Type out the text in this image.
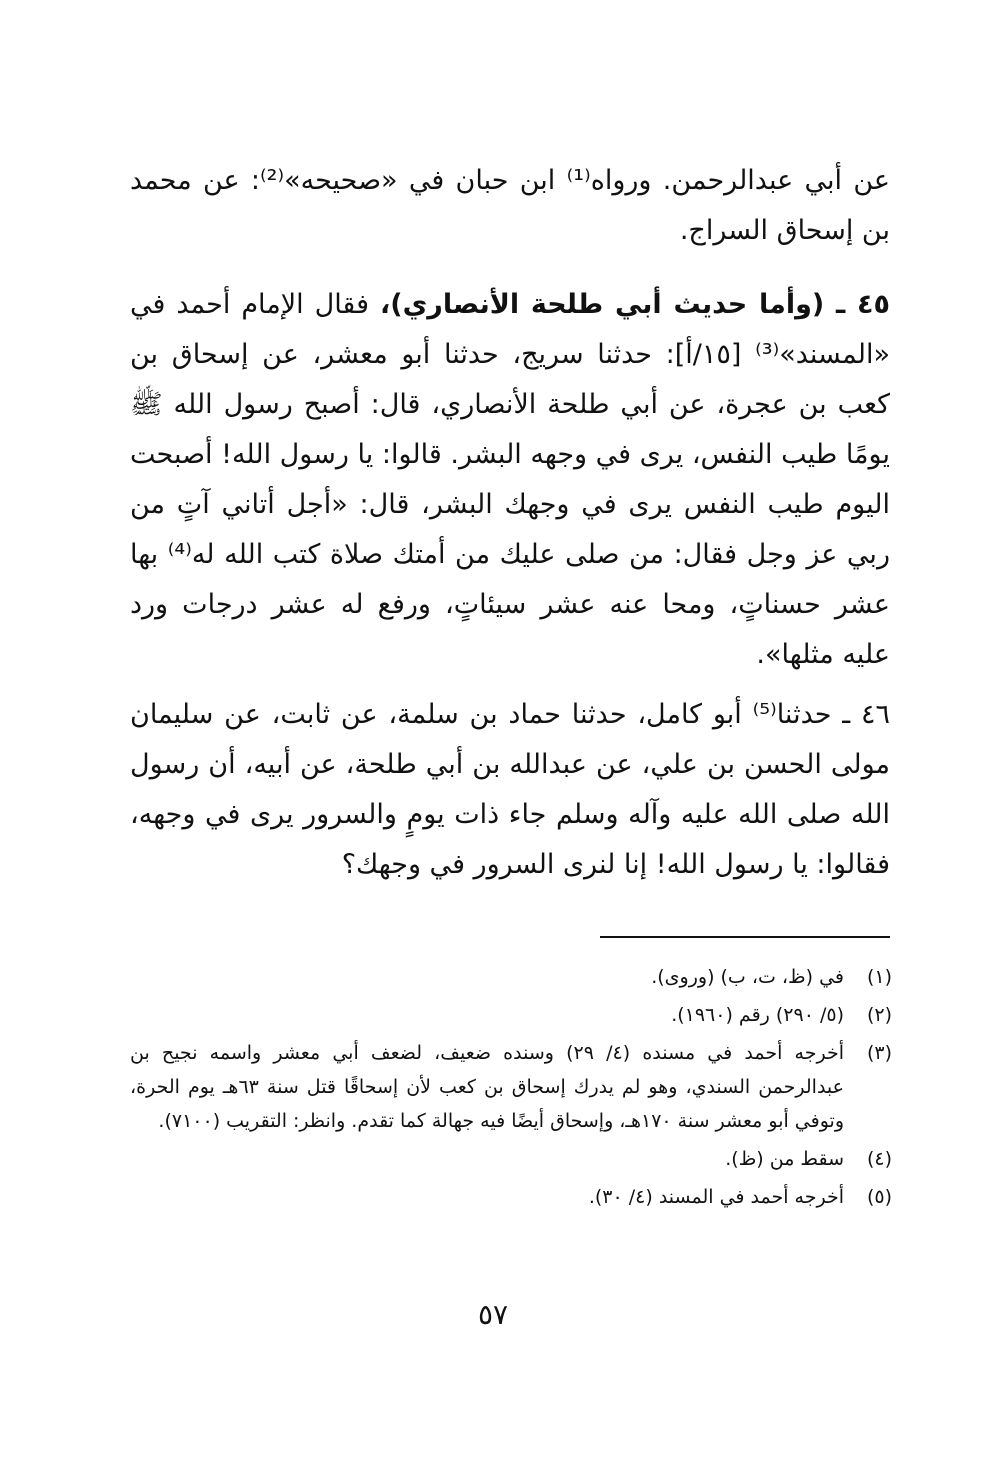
عن أبي عبدالرحمن. ورواه⁽¹⁾ ابن حبان في «صحيحه»⁽²⁾: عن محمد بن إسحاق السراج.

٤٥ ـ (وأما حديث أبي طلحة الأنصاري)، فقال الإمام أحمد في «المسند»⁽³⁾ [١٥/أ]: حدثنا سريج، حدثنا أبو معشر، عن إسحاق بن كعب بن عجرة، عن أبي طلحة الأنصاري، قال: أصبح رسول الله ﷺ يومًا طيب النفس، يرى في وجهه البشر. قالوا: يا رسول الله! أصبحت اليوم طيب النفس يرى في وجهك البشر، قال: «أجل أتاني آتٍ من ربي عز وجل فقال: من صلى عليك من أمتك صلاة كتب الله له⁽⁴⁾ بها عشر حسناتٍ، ومحا عنه عشر سيئاتٍ، ورفع له عشر درجات ورد عليه مثلها».

٤٦ ـ حدثنا⁽⁵⁾ أبو كامل، حدثنا حماد بن سلمة، عن ثابت، عن سليمان مولى الحسن بن علي، عن عبدالله بن أبي طلحة، عن أبيه، أن رسول الله صلى الله عليه وآله وسلم جاء ذات يومٍ والسرور يرى في وجهه، فقالوا: يا رسول الله! إنا لنرى السرور في وجهك؟

(١)
في (ظ، ت، ب) (وروى).
(٢)
(٥/ ٢٩٠) رقم (١٩٦٠).
(٣)
أخرجه أحمد في مسنده (٤/ ٢٩) وسنده ضعيف، لضعف أبي معشر واسمه نجيح بن عبدالرحمن السندي، وهو لم يدرك إسحاق بن كعب لأن إسحاقًا قتل سنة ٦٣هـ يوم الحرة، وتوفي أبو معشر سنة ١٧٠هـ، وإسحاق أيضًا فيه جهالة كما تقدم. وانظر: التقريب (٧١٠٠).
(٤)
سقط من (ظ).
(٥)
أخرجه أحمد في المسند (٤/ ٣٠).
٥٧
